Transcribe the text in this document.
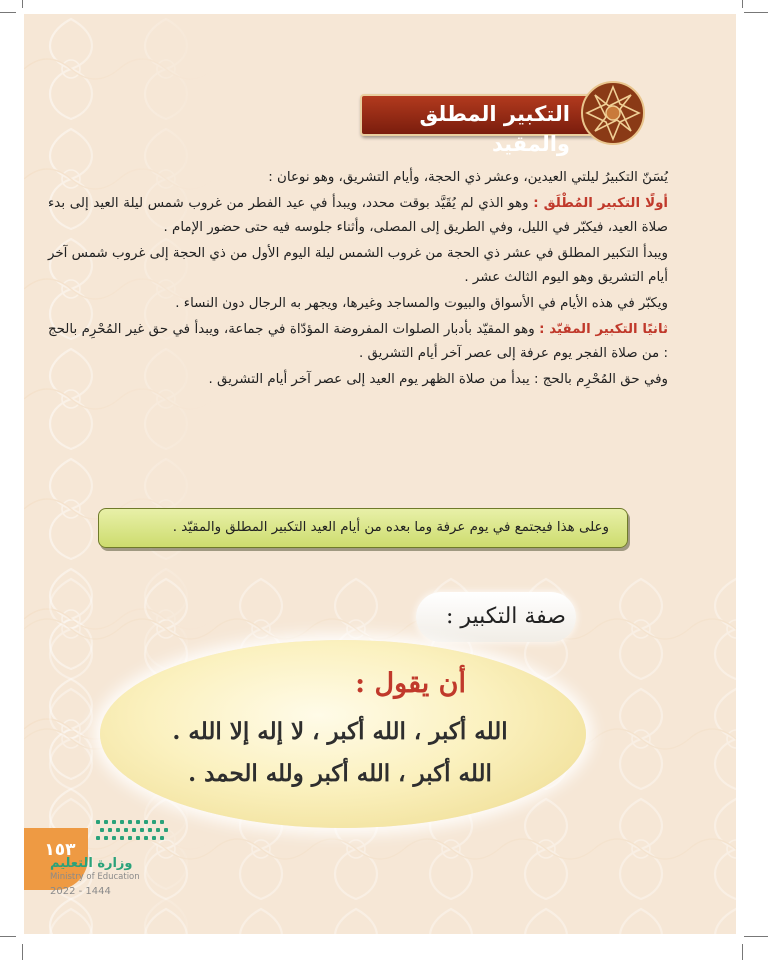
التكبير المطلق والمقيد

يُسَنّ التكبيرُ ليلتي العيدين، وعشر ذي الحجة، وأيام التشريق، وهو نوعان :

أولًا التكبير المُطْلَق : وهو الذي لم يُقَيَّد بوقت محدد، ويبدأ في عيد الفطر من غروب شمس ليلة العيد إلى بدء صلاة العيد، فيكبّر في الليل، وفي الطريق إلى المصلى، وأثناء جلوسه فيه حتى حضور الإمام .

ويبدأ التكبير المطلق في عشر ذي الحجة من غروب الشمس ليلة اليوم الأول من ذي الحجة إلى غروب شمس آخر أيام التشريق وهو اليوم الثالث عشر .

ويكبّر في هذه الأيام في الأسواق والبيوت والمساجد وغيرها، ويجهر به الرجال دون النساء .

ثانيًا التكبير المقيّد : وهو المقيّد بأدبار الصلوات المفروضة المؤدّاة في جماعة، ويبدأ في حق غير المُحْرِم بالحج : من صلاة الفجر يوم عرفة إلى عصر آخر أيام التشريق .

وفي حق المُحْرِم بالحج : يبدأ من صلاة الظهر يوم العيد إلى عصر آخر أيام التشريق .

وعلى هذا فيجتمع في يوم عرفة وما بعده من أيام العيد التكبير المطلق والمقيّد .
صفة التكبير :
أن يقول :
الله أكبر ، الله أكبر ، لا إله إلا الله .
الله أكبر ، الله أكبر ولله الحمد .
١٥٣
وزارة التعليم
Ministry of Education
2022 - 1444
